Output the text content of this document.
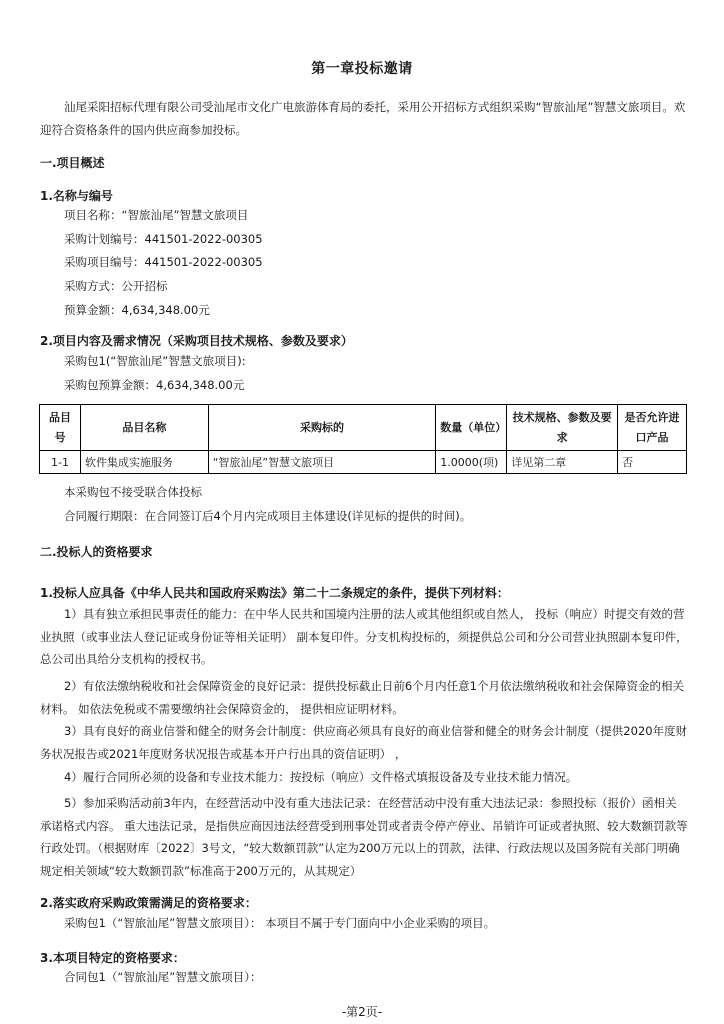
第一章投标邀请
汕尾采阳招标代理有限公司受汕尾市文化广电旅游体育局的委托，采用公开招标方式组织采购“智旅汕尾”智慧文旅项目。欢迎符合资格条件的国内供应商参加投标。
一.项目概述
1.名称与编号
项目名称：“智旅汕尾”智慧文旅项目
采购计划编号：441501-2022-00305
采购项目编号：441501-2022-00305
采购方式：公开招标
预算金额：4,634,348.00元
2.项目内容及需求情况（采购项目技术规格、参数及要求）
采购包1(“智旅汕尾”智慧文旅项目):
采购包预算金额：4,634,348.00元
品目号	品目名称	采购标的	数量（单位）	技术规格、参数及要求	是否允许进口产品
1-1	软件集成实施服务	“智旅汕尾”智慧文旅项目	1.0000(项)	详见第二章	否
本采购包不接受联合体投标
合同履行期限：在合同签订后4个月内完成项目主体建设(详见标的提供的时间)。
二.投标人的资格要求
1.投标人应具备《中华人民共和国政府采购法》第二十二条规定的条件，提供下列材料：
1）具有独立承担民事责任的能力：在中华人民共和国境内注册的法人或其他组织或自然人， 投标（响应）时提交有效的营业执照（或事业法人登记证或身份证等相关证明） 副本复印件。分支机构投标的，须提供总公司和分公司营业执照副本复印件，总公司出具给分支机构的授权书。
2）有依法缴纳税收和社会保障资金的良好记录：提供投标截止日前6个月内任意1个月依法缴纳税收和社会保障资金的相关材料。 如依法免税或不需要缴纳社会保障资金的， 提供相应证明材料。
3）具有良好的商业信誉和健全的财务会计制度：供应商必须具有良好的商业信誉和健全的财务会计制度（提供2020年度财务状况报告或2021年度财务状况报告或基本开户行出具的资信证明） ，
4）履行合同所必须的设备和专业技术能力：按投标（响应）文件格式填报设备及专业技术能力情况。
5）参加采购活动前3年内，在经营活动中没有重大违法记录：在经营活动中没有重大违法记录：参照投标（报价）函相关承诺格式内容。 重大违法记录，是指供应商因违法经营受到刑事处罚或者责令停产停业、吊销许可证或者执照、较大数额罚款等行政处罚。（根据财库〔2022〕3号文，“较大数额罚款”认定为200万元以上的罚款，法律、行政法规以及国务院有关部门明确规定相关领域“较大数额罚款”标准高于200万元的，从其规定）
2.落实政府采购政策需满足的资格要求：
采购包1（“智旅汕尾”智慧文旅项目）： 本项目不属于专门面向中小企业采购的项目。
3.本项目特定的资格要求：
合同包1（“智旅汕尾”智慧文旅项目）：
-第2页-
